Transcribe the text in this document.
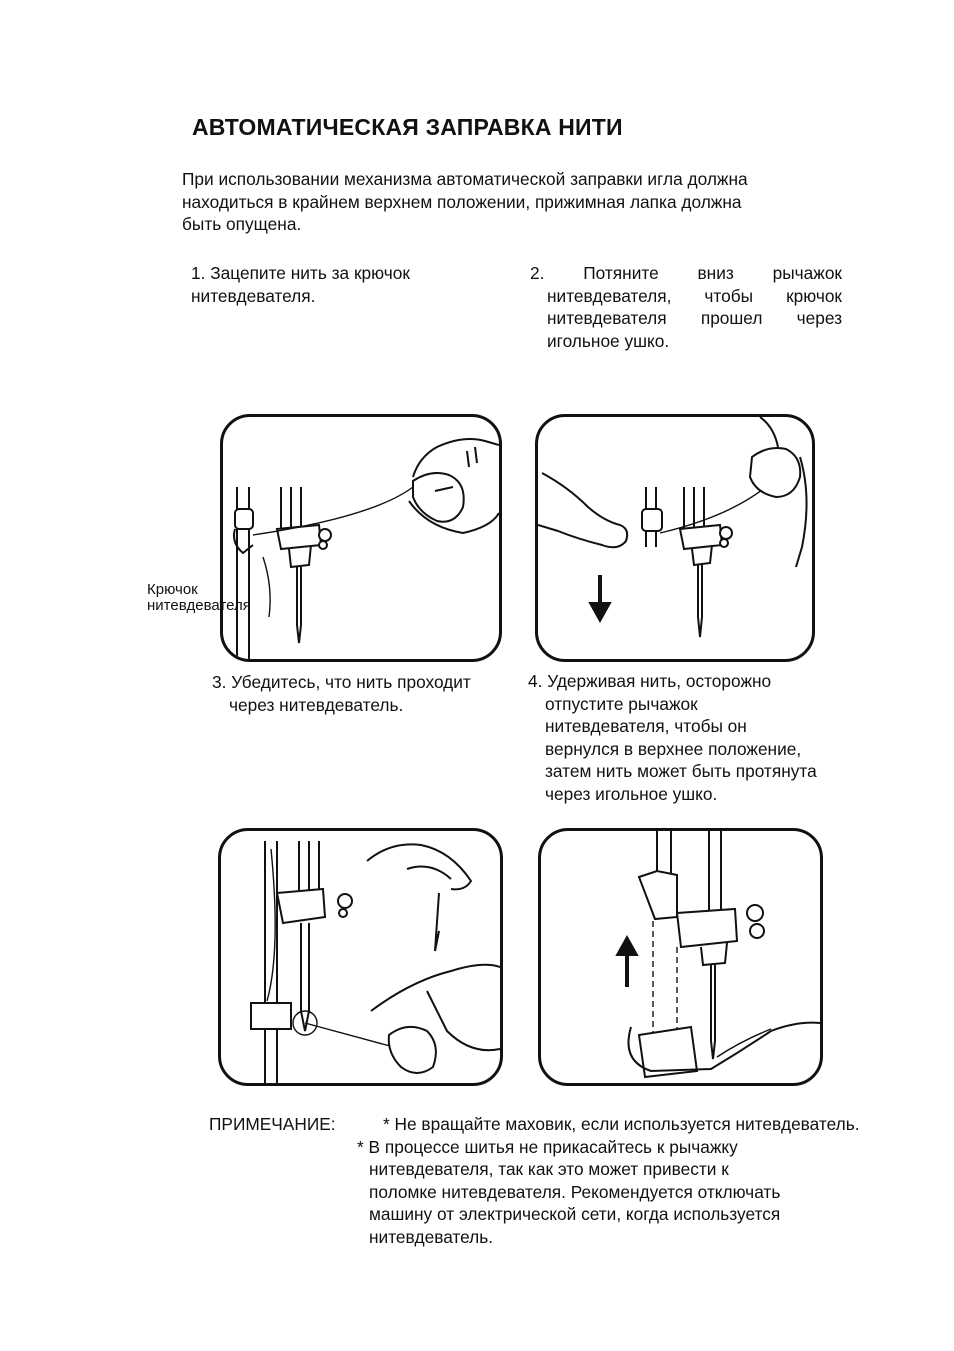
АВТОМАТИЧЕСКАЯ ЗАПРАВКА НИТИ
При использовании механизма автоматической заправки игла должна
находиться в крайнем верхнем положении, прижимная лапка должна
быть опущена.
1. Зацепите нить за крючок
нитевдевателя.
2.   Потяните   вниз   рычажок
нитевдевателя,  чтобы  крючок
нитевдевателя  прошел  через
игольное ушко.
Крючок
нитевдевателя
3. Убедитесь, что нить проходит
через нитевдеватель.
4. Удерживая нить, осторожно
отпустите рычажок
нитевдевателя, чтобы он
вернулся в верхнее положение,
затем нить может быть протянута
через игольное ушко.
ПРИМЕЧАНИЕ:	* Не вращайте маховик, если используется нитевдеватель.
* В процессе шитья не прикасайтесь к рычажку
нитевдевателя, так как это может привести к
поломке нитевдевателя. Рекомендуется отключать
машину от электрической сети, когда используется
нитевдеватель.
